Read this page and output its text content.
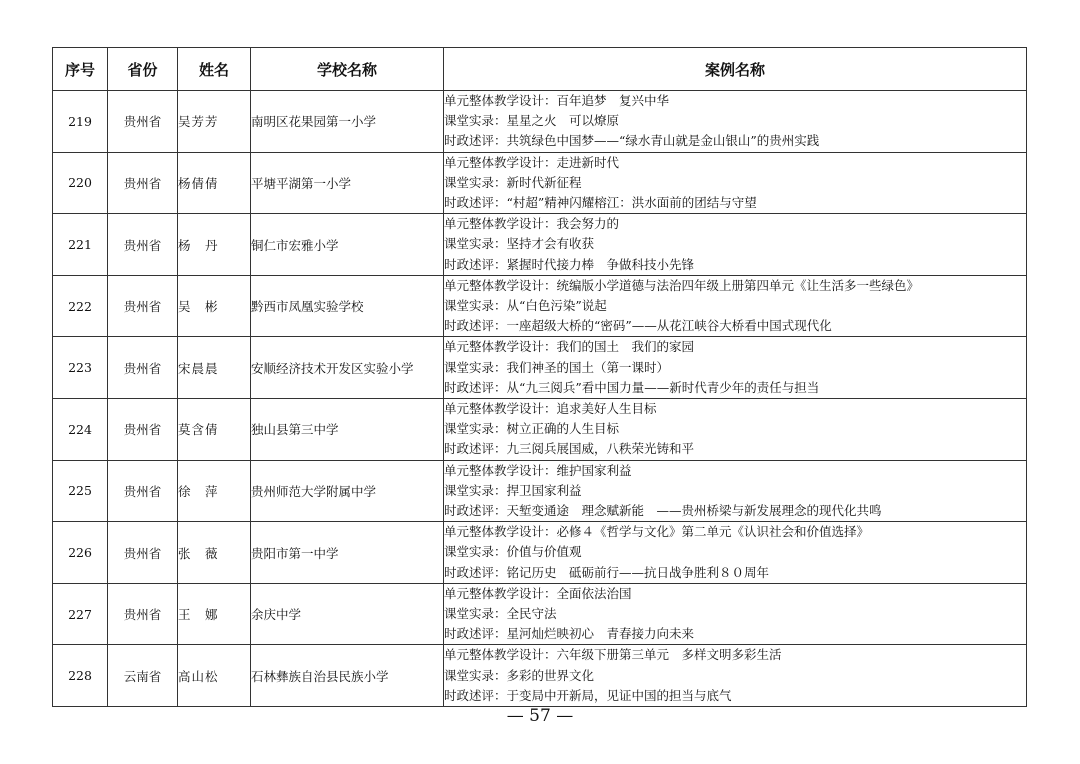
序号	省份	姓名	学校名称	案例名称
219	贵州省	吴芳芳	南明区花果园第一小学	单元整体教学设计：百年追梦　复兴中华
课堂实录：星星之火　可以燎原
时政述评：共筑绿色中国梦——“绿水青山就是金山银山”的贵州实践

220	贵州省	杨倩倩	平塘平湖第一小学	单元整体教学设计：走进新时代
课堂实录：新时代新征程
时政述评：“村超”精神闪耀榕江：洪水面前的团结与守望

221	贵州省	杨　丹	铜仁市宏雅小学	单元整体教学设计：我会努力的
课堂实录：坚持才会有收获
时政述评：紧握时代接力棒　争做科技小先锋

222	贵州省	吴　彬	黔西市凤凰实验学校	单元整体教学设计：统编版小学道德与法治四年级上册第四单元《让生活多一些绿色》
课堂实录：从“白色污染”说起
时政述评：一座超级大桥的“密码”——从花江峡谷大桥看中国式现代化

223	贵州省	宋晨晨	安顺经济技术开发区实验小学	单元整体教学设计：我们的国土　我们的家园
课堂实录：我们神圣的国土（第一课时）
时政述评：从“九三阅兵”看中国力量——新时代青少年的责任与担当

224	贵州省	莫含倩	独山县第三中学	单元整体教学设计：追求美好人生目标
课堂实录：树立正确的人生目标
时政述评：九三阅兵展国威，八秩荣光铸和平

225	贵州省	徐　萍	贵州师范大学附属中学	单元整体教学设计：维护国家利益
课堂实录：捍卫国家利益
时政述评：天堑变通途　理念赋新能　——贵州桥梁与新发展理念的现代化共鸣

226	贵州省	张　薇	贵阳市第一中学	单元整体教学设计：必修４《哲学与文化》第二单元《认识社会和价值选择》
课堂实录：价值与价值观
时政述评：铭记历史　砥砺前行——抗日战争胜利８０周年

227	贵州省	王　娜	余庆中学	单元整体教学设计：全面依法治国
课堂实录：全民守法
时政述评：星河灿烂映初心　青春接力向未来

228	云南省	高山松	石林彝族自治县民族小学	单元整体教学设计：六年级下册第三单元　多样文明多彩生活
课堂实录：多彩的世界文化
时政述评：于变局中开新局，见证中国的担当与底气
— 57 —
